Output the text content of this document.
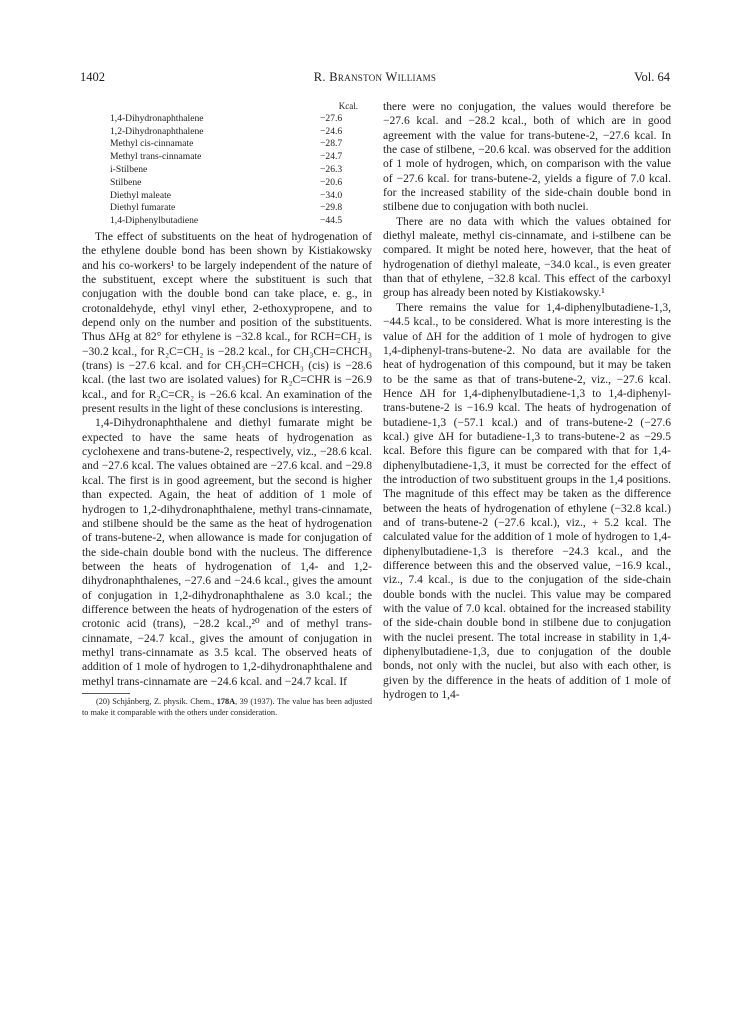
R. Branston Williams
1402	Vol. 64
Kcal.
1,4-Dihydronaphthalene	−27.6
1,2-Dihydronaphthalene	−24.6
Methyl cis-cinnamate	−28.7
Methyl trans-cinnamate	−24.7
i-Stilbene	−26.3
Stilbene	−20.6
Diethyl maleate	−34.0
Diethyl fumarate	−29.8
1,4-Diphenylbutadiene	−44.5

The effect of substituents on the heat of hydrogenation of the ethylene double bond has been shown by Kistiakowsky and his co-workers¹ to be largely independent of the nature of the substituent, except where the substituent is such that conjugation with the double bond can take place, e. g., in crotonaldehyde, ethyl vinyl ether, 2-ethoxypropene, and to depend only on the number and position of the substituents. Thus ΔHg at 82° for ethylene is −32.8 kcal., for RCH=CH₂ is −30.2 kcal., for R₂C=CH₂ is −28.2 kcal., for CH₃CH=CHCH₃ (trans) is −27.6 kcal. and for CH₃CH=CHCH₃ (cis) is −28.6 kcal. (the last two are isolated values) for R₂C=CHR is −26.9 kcal., and for R₂C=CR₂ is −26.6 kcal. An examination of the present results in the light of these conclusions is interesting.

1,4-Dihydronaphthalene and diethyl fumarate might be expected to have the same heats of hydrogenation as cyclohexene and trans-butene-2, respectively, viz., −28.6 kcal. and −27.6 kcal. The values obtained are −27.6 kcal. and −29.8 kcal. The first is in good agreement, but the second is higher than expected. Again, the heat of addition of 1 mole of hydrogen to 1,2-dihydronaphthalene, methyl trans-cinnamate, and stilbene should be the same as the heat of hydrogenation of trans-butene-2, when allowance is made for conjugation of the side-chain double bond with the nucleus. The difference between the heats of hydrogenation of 1,4- and 1,2-dihydronaphthalenes, −27.6 and −24.6 kcal., gives the amount of conjugation in 1,2-dihydronaphthalene as 3.0 kcal.; the difference between the heats of hydrogenation of the esters of crotonic acid (trans), −28.2 kcal.,²⁰ and of methyl trans-cinnamate, −24.7 kcal., gives the amount of conjugation in methyl trans-cinnamate as 3.5 kcal. The observed heats of addition of 1 mole of hydrogen to 1,2-dihydronaphthalene and methyl trans-cinnamate are −24.6 kcal. and −24.7 kcal. If

(20) Schjånberg, Z. physik. Chem., 178A, 39 (1937). The value has been adjusted to make it comparable with the others under consideration.

there were no conjugation, the values would therefore be −27.6 kcal. and −28.2 kcal., both of which are in good agreement with the value for trans-butene-2, −27.6 kcal. In the case of stilbene, −20.6 kcal. was observed for the addition of 1 mole of hydrogen, which, on comparison with the value of −27.6 kcal. for trans-butene-2, yields a figure of 7.0 kcal. for the increased stability of the side-chain double bond in stilbene due to conjugation with both nuclei.

There are no data with which the values obtained for diethyl maleate, methyl cis-cinnamate, and i-stilbene can be compared. It might be noted here, however, that the heat of hydrogenation of diethyl maleate, −34.0 kcal., is even greater than that of ethylene, −32.8 kcal. This effect of the carboxyl group has already been noted by Kistiakowsky.¹

There remains the value for 1,4-diphenylbutadiene-1,3, −44.5 kcal., to be considered. What is more interesting is the value of ΔH for the addition of 1 mole of hydrogen to give 1,4-diphenyl-trans-butene-2. No data are available for the heat of hydrogenation of this compound, but it may be taken to be the same as that of trans-butene-2, viz., −27.6 kcal. Hence ΔH for 1,4-diphenylbutadiene-1,3 to 1,4-diphenyl-trans-butene-2 is −16.9 kcal. The heats of hydrogenation of butadiene-1,3 (−57.1 kcal.) and of trans-butene-2 (−27.6 kcal.) give ΔH for butadiene-1,3 to trans-butene-2 as −29.5 kcal. Before this figure can be compared with that for 1,4-diphenylbutadiene-1,3, it must be corrected for the effect of the introduction of two substituent groups in the 1,4 positions. The magnitude of this effect may be taken as the difference between the heats of hydrogenation of ethylene (−32.8 kcal.) and of trans-butene-2 (−27.6 kcal.), viz., + 5.2 kcal. The calculated value for the addition of 1 mole of hydrogen to 1,4-diphenylbutadiene-1,3 is therefore −24.3 kcal., and the difference between this and the observed value, −16.9 kcal., viz., 7.4 kcal., is due to the conjugation of the side-chain double bonds with the nuclei. This value may be compared with the value of 7.0 kcal. obtained for the increased stability of the side-chain double bond in stilbene due to conjugation with the nuclei present. The total increase in stability in 1,4-diphenylbutadiene-1,3, due to conjugation of the double bonds, not only with the nuclei, but also with each other, is given by the difference in the heats of addition of 1 mole of hydrogen to 1,4-
